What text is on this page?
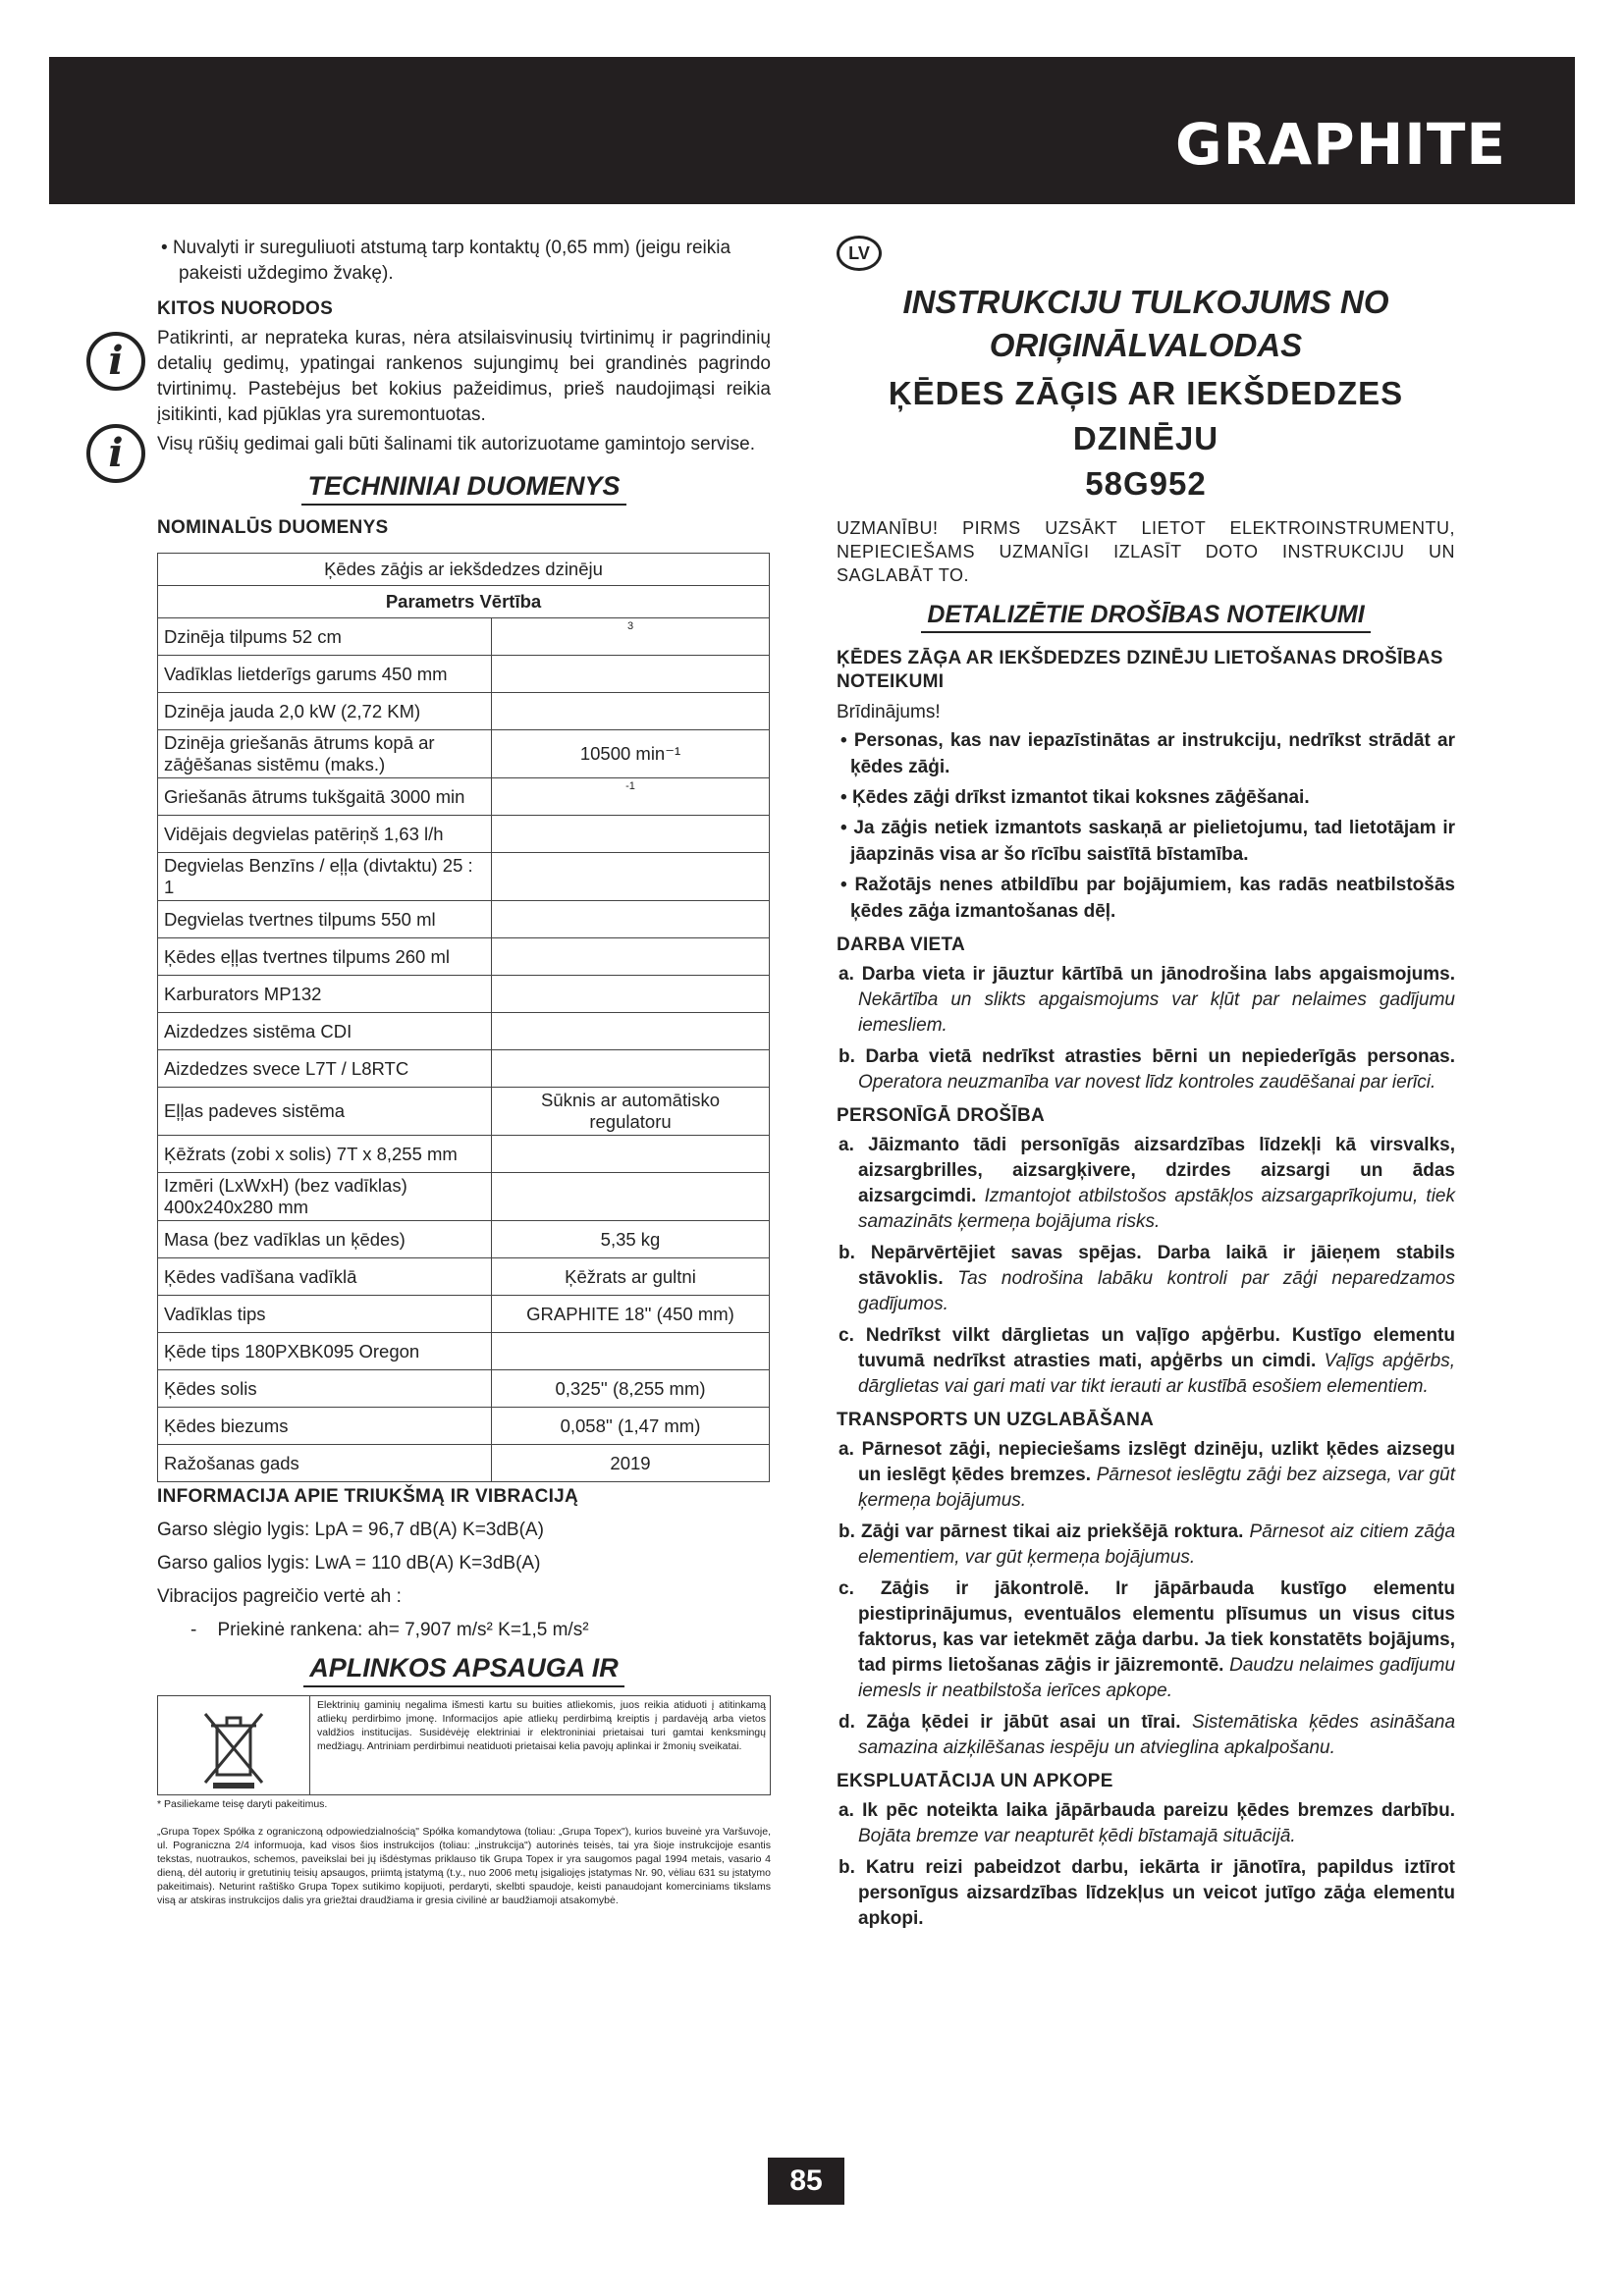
GRAPHITE

• Nuvalyti ir sureguliuoti atstumą tarp kontaktų (0,65 mm) (jeigu reikia pakeisti uždegimo žvakę).

KITOS NUORODOS

i
i

Patikrinti, ar nepratekа kuras, nėra atsilaisvinusių tvirtinimų ir pagrindinių detalių gedimų, ypatingai rankenos sujungimų bei grandinės pagrindo tvirtinimų. Pastebėjus bet kokius pažeidimus, prieš naudojimąsi reikia įsitikinti, kad pjūklas yra suremontuotas.

Visų rūšių gedimai gali būti šalinami tik autorizuotame gamintojo servise.

TECHNINIAI DUOMENYS

NOMINALŪS DUOMENYS

Ķēdes zāģis ar iekšdedzes dzinēju	
Parametrs Vērtība	
Dzinēja tilpums 52 cm	3
Vadīklas lietderīgs garums 450 mm	
Dzinēja jauda 2,0 kW (2,72 KM)	
Dzinēja griešanās ātrums kopā ar zāģēšanas sistēmu (maks.)	10500 min⁻¹
Griešanās ātrums tukšgaitā 3000 min	-1
Vidējais degvielas patēriņš 1,63 l/h	
Degvielas Benzīns / eļļa (divtaktu) 25 : 1	
Degvielas tvertnes tilpums 550 ml	
Ķēdes eļļas tvertnes tilpums 260 ml	
Karburators MP132	
Aizdedzes sistēma CDI	
Aizdedzes svece L7T / L8RTC	
Eļļas padeves sistēma	Sūknis ar automātisko regulatoru
Ķēžrats (zobi x solis) 7T x 8,255 mm	
Izmēri (LxWxH) (bez vadīklas) 400x240x280 mm	
Masa (bez vadīklas un ķēdes)	5,35 kg
Ķēdes vadīšana vadīklā	Ķēžrats ar gultni
Vadīklas tips	GRAPHITE 18'' (450 mm)
Ķēde tips 180PXBK095 Oregon	
Ķēdes solis	0,325'' (8,255 mm)
Ķēdes biezums	0,058'' (1,47 mm)
Ražošanas gads	2019

INFORMACIJA APIE TRIUKŠMĄ IR VIBRACIJĄ

Garso slėgio lygis: LpA = 96,7 dB(A) K=3dB(A)

Garso galios lygis: LwA = 110 dB(A) K=3dB(A)

Vibracijos pagreičio vertė ah :

-    Priekinė rankena: ah= 7,907 m/s² K=1,5 m/s²

APLINKOS APSAUGA IR
Elektrinių gaminių negalima išmesti kartu su buities atliekomis, juos reikia atiduoti į atitinkamą atliekų perdirbimo įmonę. Informacijos apie atliekų perdirbimą kreiptis į pardavėją arba vietos valdžios institucijas. Susidėvėję elektriniai ir elektroniniai prietaisai turi gamtai kenksmingų medžiagų. Antriniam perdirbimui neatiduoti prietaisai kelia pavojų aplinkai ir žmonių sveikatai.

* Pasiliekame teisę daryti pakeitimus.

„Grupa Topex Spółka z ograniczoną odpowiedzialnością" Spółka komandytowa (toliau: „Grupa Topex"), kurios buveinė yra Varšuvoje, ul. Pograniczna 2/4 informuoja, kad visos šios instrukcijos (toliau: „instrukcija") autorinės teisės, tai yra šioje instrukcijoje esantis tekstas, nuotraukos, schemos, paveikslai bei jų išdėstymas priklauso tik Grupa Topex ir yra saugomos pagal 1994 metais, vasario 4 dieną, dėl autorių ir gretutinių teisių apsaugos, priimtą įstatymą (t.y., nuo 2006 metų įsigaliojęs įstatymas Nr. 90, vėliau 631 su įstatymo pakeitimais). Neturint raštiško Grupa Topex sutikimo kopijuoti, perdaryti, skelbti spaudoje, keisti panaudojant komerciniams tikslams visą ar atskiras instrukcijos dalis yra griežtai draudžiama ir gresia civilinė ar baudžiamoji atsakomybė.

LV
INSTRUKCIJU TULKOJUMS NO
ORIĢINĀLVALODAS
ĶĒDES ZĀĢIS AR IEKŠDEDZES
DZINĒJU
58G952

UZMANĪBU! PIRMS UZSĀKT LIETOT ELEKTROINSTRUMENTU, NEPIECIEŠAMS UZMANĪGI IZLASĪT DOTO INSTRUKCIJU UN SAGLABĀT TO.

DETALIZĒTIE DROŠĪBAS NOTEIKUMI

ĶĒDES ZĀĢA AR IEKŠDEDZES DZINĒJU LIETOŠANAS DROŠĪBAS NOTEIKUMI

Brīdinājums!

• Personas, kas nav iepazīstinātas ar instrukciju, nedrīkst strādāt ar ķēdes zāģi.

• Ķēdes zāģi drīkst izmantot tikai koksnes zāģēšanai.

• Ja zāģis netiek izmantots saskaņā ar pielietojumu, tad lietotājam ir jāapzinās visa ar šo rīcību saistītā bīstamība.

• Ražotājs nenes atbildību par bojājumiem, kas radās neatbilstošās ķēdes zāģa izmantošanas dēļ.

DARBA VIETA

a. Darba vieta ir jāuztur kārtībā un jānodrošina labs apgaismojums. Nekārtība un slikts apgaismojums var kļūt par nelaimes gadījumu iemesliem.

b. Darba vietā nedrīkst atrasties bērni un nepiederīgās personas. Operatora neuzmanība var novest līdz kontroles zaudēšanai par ierīci.

PERSONĪGĀ DROŠĪBA

a. Jāizmanto tādi personīgās aizsardzības līdzekļi kā virsvalks, aizsargbrilles, aizsargķivere, dzirdes aizsargi un ādas aizsargcimdi. Izmantojot atbilstošos apstākļos aizsargaprīkojumu, tiek samazināts ķermeņa bojājuma risks.

b. Nepārvērtējiet savas spējas. Darba laikā ir jāieņem stabils stāvoklis. Tas nodrošina labāku kontroli par zāģi neparedzamos gadījumos.

c. Nedrīkst vilkt dārglietas un vaļīgo apģērbu. Kustīgo elementu tuvumā nedrīkst atrasties mati, apģērbs un cimdi. Vaļīgs apģērbs, dārglietas vai gari mati var tikt ierauti ar kustībā esošiem elementiem.

TRANSPORTS UN UZGLABĀŠANA

a. Pārnesot zāģi, nepieciešams izslēgt dzinēju, uzlikt ķēdes aizsegu un ieslēgt ķēdes bremzes. Pārnesot ieslēgtu zāģi bez aizsega, var gūt ķermeņa bojājumus.

b. Zāģi var pārnest tikai aiz priekšējā roktura. Pārnesot aiz citiem zāģa elementiem, var gūt ķermeņa bojājumus.

c. Zāģis ir jākontrolē. Ir jāpārbauda kustīgo elementu piestiprinājumus, eventuālos elementu plīsumus un visus citus faktorus, kas var ietekmēt zāģa darbu. Ja tiek konstatēts bojājums, tad pirms lietošanas zāģis ir jāizremontē. Daudzu nelaimes gadījumu iemesls ir neatbilstoša ierīces apkope.

d. Zāģa ķēdei ir jābūt asai un tīrai. Sistemātiska ķēdes asināšana samazina aizķilēšanas iespēju un atvieglina apkalpošanu.

EKSPLUATĀCIJA UN APKOPE

a. Ik pēc noteikta laika jāpārbauda pareizu ķēdes bremzes darbību. Bojāta bremze var neapturēt ķēdi bīstamajā situācijā.

b. Katru reizi pabeidzot darbu, iekārta ir jānotīra, papildus iztīrot personīgus aizsardzības līdzekļus un veicot jutīgo zāģa elementu apkopi.

85
